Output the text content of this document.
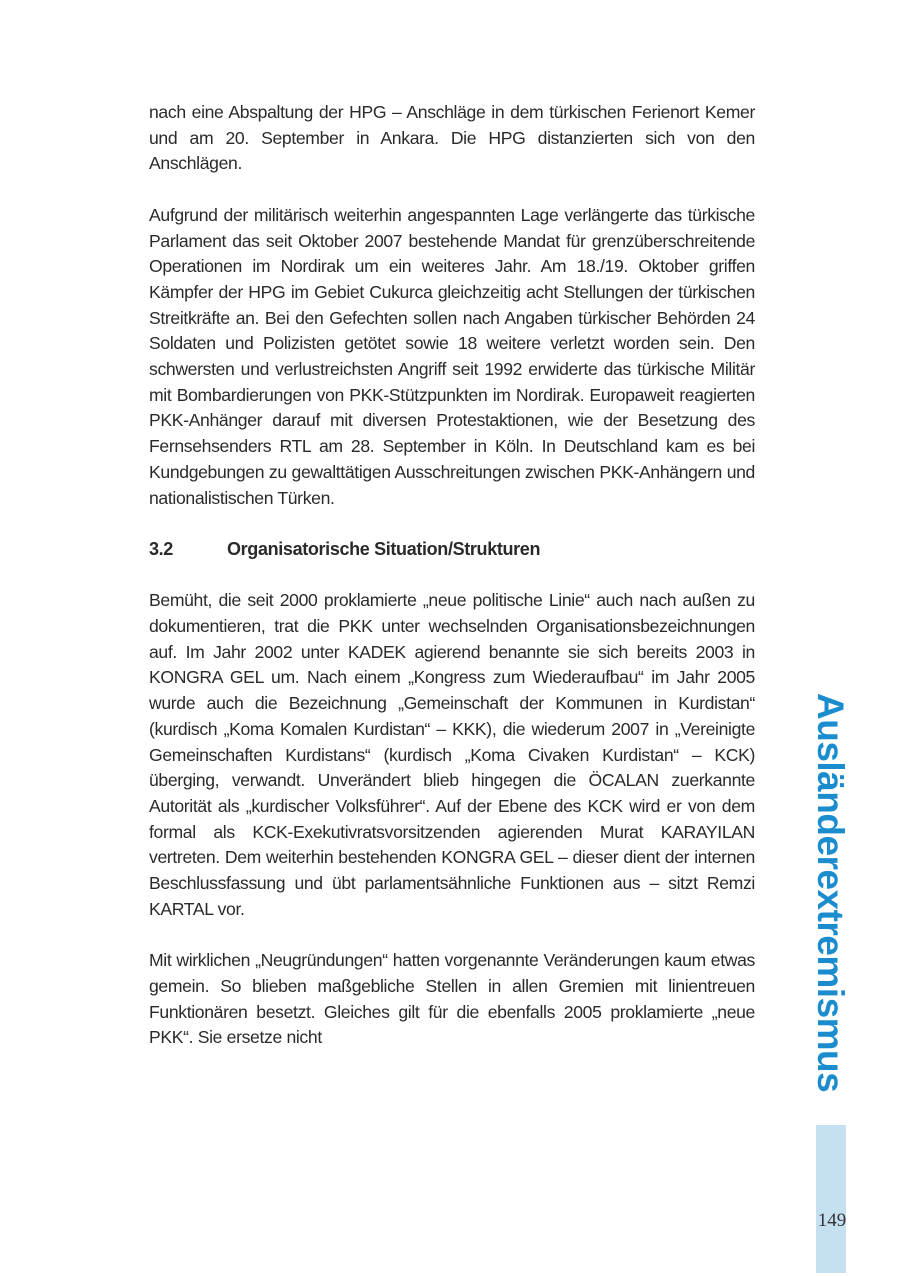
nach eine Abspaltung der HPG – Anschläge in dem türkischen Ferienort Kemer und am 20. September in Ankara. Die HPG distanzierten sich von den Anschlägen.

Aufgrund der militärisch weiterhin angespannten Lage verlängerte das türkische Parlament das seit Oktober 2007 bestehende Mandat für grenzüberschreitende Operationen im Nordirak um ein weiteres Jahr. Am 18./19. Oktober griffen Kämpfer der HPG im Gebiet Cukurca gleichzeitig acht Stellungen der türkischen Streitkräfte an. Bei den Gefechten sollen nach Angaben türkischer Behörden 24 Soldaten und Polizisten getötet sowie 18 weitere verletzt worden sein. Den schwersten und verlustreichsten Angriff seit 1992 erwiderte das türkische Militär mit Bombardierungen von PKK-Stützpunkten im Nordirak. Europaweit reagierten PKK-Anhänger darauf mit diversen Protestaktionen, wie der Besetzung des Fernsehsenders RTL am 28. September in Köln. In Deutschland kam es bei Kundgebungen zu gewalttätigen Ausschreitungen zwischen PKK-Anhängern und nationalistischen Türken.

3.2	Organisatorische Situation/Strukturen

Bemüht, die seit 2000 proklamierte „neue politische Linie“ auch nach außen zu dokumentieren, trat die PKK unter wechselnden Organisationsbezeichnungen auf. Im Jahr 2002 unter KADEK agierend benannte sie sich bereits 2003 in KONGRA GEL um. Nach einem „Kongress zum Wiederaufbau“ im Jahr 2005 wurde auch die Bezeichnung „Gemeinschaft der Kommunen in Kurdistan“ (kurdisch „Koma Komalen Kurdistan“ – KKK), die wiederum 2007 in „Vereinigte Gemeinschaften Kurdistans“ (kurdisch „Koma Civaken Kurdistan“ – KCK) überging, verwandt. Unverändert blieb hingegen die ÖCALAN zuerkannte Autorität als „kurdischer Volksführer“. Auf der Ebene des KCK wird er von dem formal als KCK-Exekutivratsvorsitzenden agierenden Murat KARAYILAN vertreten. Dem weiterhin bestehenden KONGRA GEL – dieser dient der internen Beschlussfassung und übt parlamentsähnliche Funktionen aus – sitzt Remzi KARTAL vor.

Mit wirklichen „Neugründungen“ hatten vorgenannte Veränderungen kaum etwas gemein. So blieben maßgebliche Stellen in allen Gremien mit linientreuen Funktionären besetzt. Gleiches gilt für die ebenfalls 2005 proklamierte „neue PKK“. Sie ersetze nicht	Ausländerextremismus
149
